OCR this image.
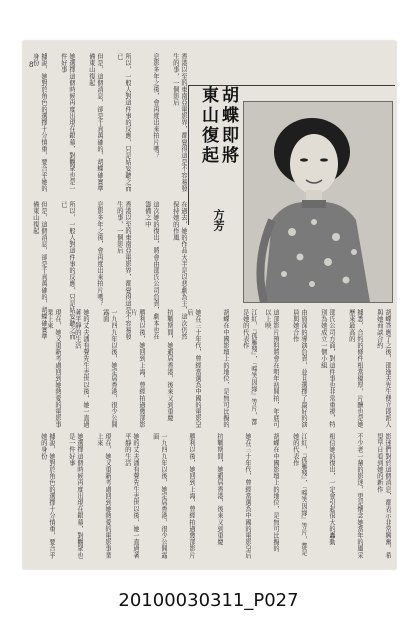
8	香港以至的東南亞電影界，都覺得這是不容易發生的事，一個影后
息影多年之後，會再度出來拍片嗎？
所以，一般人對這件事的反應，只是姑妄聽之而已
但是，這個消息，卻是千真萬確的，胡蝶確實準備東山復起
她選擇這個時候再度出現在銀幕，對觀眾也是一件好事
據說，她對於角色的選擇十分慎重，要合乎她的身份
在過去，她的作品大半是以悲劇為主，這次仍然保持她的作風
這次她的復出，將會由邵氏公司負責，劇本也在籌備之中
香港以至的東南亞電影界，都覺得這是不容易發生的事，一個影后
息影多年之後，會再度出來拍片嗎？
所以，一般人對這件事的反應，只是姑妄聽之而已
但是，這個消息，卻是千真萬確的，胡蝶確實準備東山復起
江紅，『孤雁殘』，『啼笑因緣』等片，都是她的代表作
胡蝶在中國影壇上的地位，是無可比擬的
她在三十年代，曾經當選為中國的電影皇后
抗戰期間，她避居香港，後來又到重慶
勝利以後，她回到上海，曾經拍過幾部影片
一九四九年以後，她定居香港，很少公開露面
她的丈夫潘有聲先生去世以後，她一直過著平靜的生活
現在，她又重新考慮回到她熱愛的電影事業上來	胡蝶答應了之後，邵逸夫先生便立即派人與她商談合約
據悉，合約的條件相當優厚，片酬也是她歷來最高的
邵氏公司方面，對這件事也非常重視，特別為她成立一個小組
由資深的導演負責，並且選擇了最好的演員與她合作
這部影片預料將會在明年初開拍，年底可以上映
影迷們對於這個消息，都表示非常興奮，希望早日看到她的新作
不少老一輩的影迷，更是懷念她當年的風采
相信她的復出，一定會引起很大的轟動
江紅，『孤雁殘』，『啼笑因緣』等片，都是她的代表作
胡蝶在中國影壇上的地位，是無可比擬的
她在三十年代，曾經當選為中國的電影皇后
抗戰期間，她避居香港，後來又到重慶
勝利以後，她回到上海，曾經拍過幾部影片
一九四九年以後，她定居香港，很少公開露面
她的丈夫潘有聲先生去世以後，她一直過著平靜的生活
現在，她又重新考慮回到她熱愛的電影事業上來
她選擇這個時候再度出現在銀幕，對觀眾也是一件好事
據說，她對於角色的選擇十分慎重，要合乎她的身份
胡蝶即將東山復起
方芳
20100030311_P027
